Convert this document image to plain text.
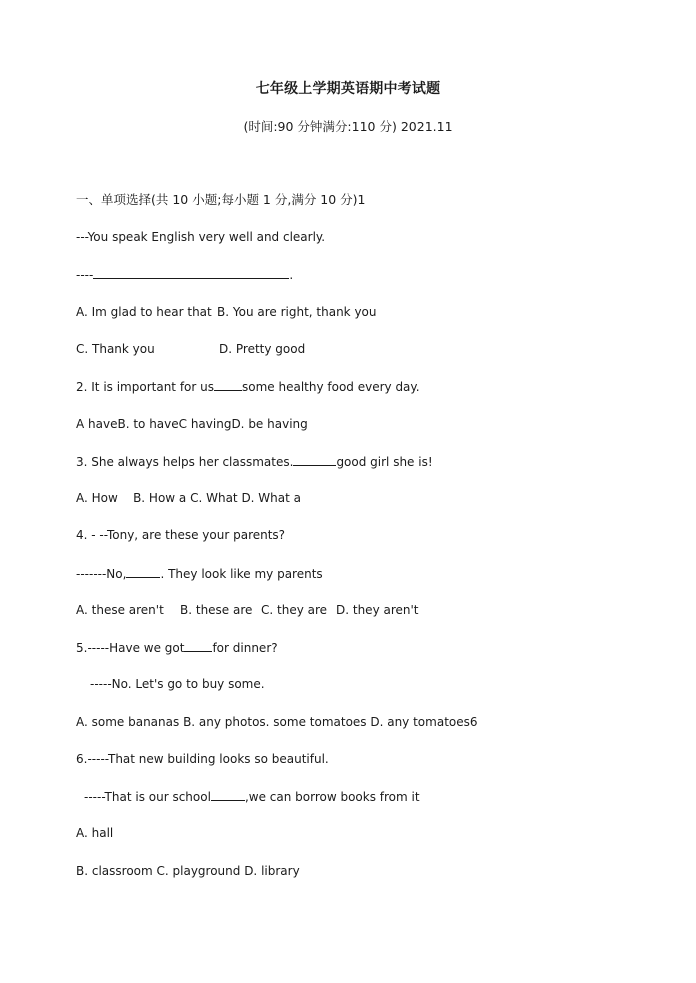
七年级上学期英语期中考试题
(时间:90 分钟满分:110 分) 2021.11
一、单项选择(共 10 小题;每小题 1 分,满分 10 分)1
---You speak English very well and clearly.
----	.
A. Im glad to hear that B. You are right, thank you
C. Thank you	D. Pretty good
2. It is important for us some healthy food every day.
A haveB. to haveC havingD. be having
3. She always helps her classmates.	good girl she is!
A. How    B. How a C. What D. What a
4. - --Tony, are these your parents?
-------No,	. They look like my parents
A. these aren't B. these are C. they are D. they aren't
5.-----Have we got for dinner?
-----No. Let's go to buy some.
A. some bananas B. any photos. some tomatoes D. any tomatoes6
6.-----That new building looks so beautiful.
-----That is our school	,we can borrow books from it
A. hall
B. classroom C. playground D. library
